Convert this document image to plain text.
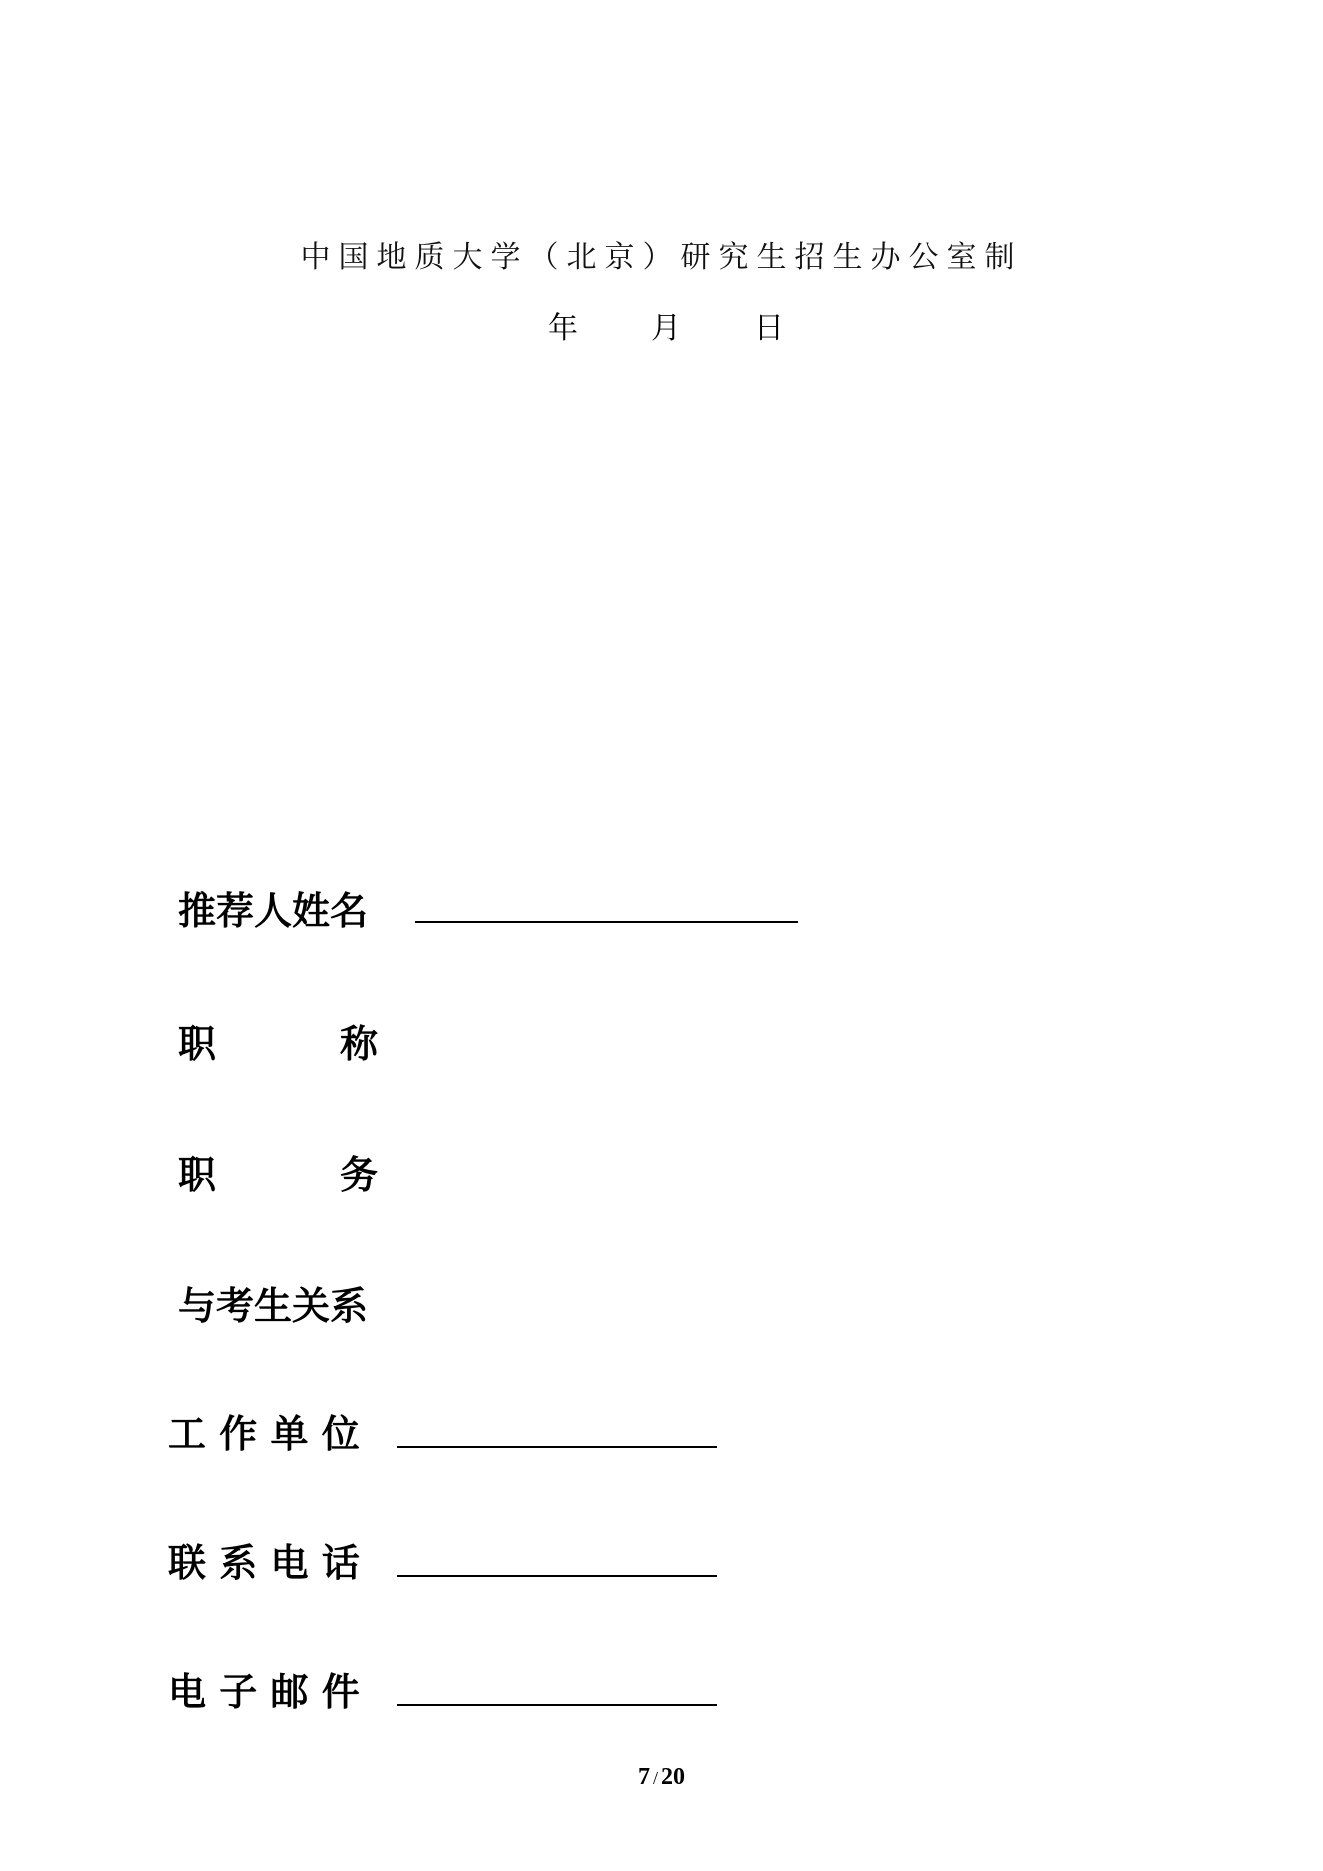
中国地质大学（北京）研究生招生办公室制
年 月 日
推荐人姓名
职	称
职	务
与考生关系
工 作 单 位
联 系 电 话
电 子 邮 件
7 / 20
